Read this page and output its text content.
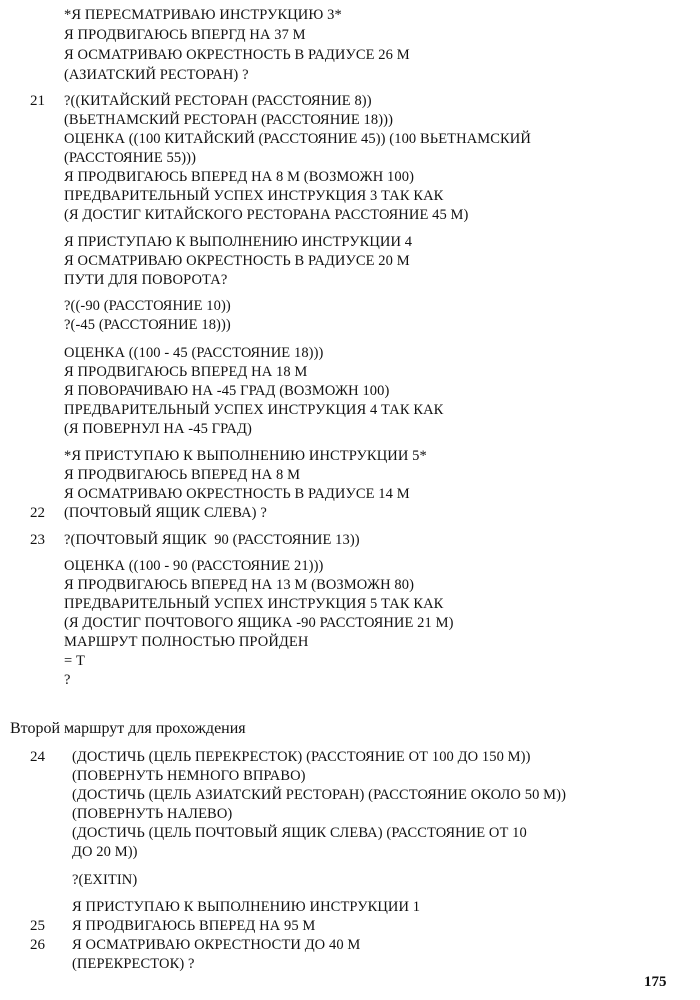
*Я ПЕРЕСМАТРИВАЮ ИНСТРУКЦИЮ 3*
Я ПРОДВИГАЮСЬ ВПЕРГД НА 37 М
Я ОСМАТРИВАЮ ОКРЕСТНОСТЬ В РАДИУСЕ 26 М
(АЗИАТСКИЙ РЕСТОРАН) ?
21 ?((КИТАЙСКИЙ РЕСТОРАН (РАССТОЯНИЕ 8))
(ВЬЕТНАМСКИЙ РЕСТОРАН (РАССТОЯНИЕ 18)))
ОЦЕНКА ((100 КИТАЙСКИЙ (РАССТОЯНИЕ 45)) (100 ВЬЕТНАМСКИЙ
(РАССТОЯНИЕ 55)))
Я ПРОДВИГАЮСЬ ВПЕРЕД НА 8 М (ВОЗМОЖН 100)
ПРЕДВАРИТЕЛЬНЫЙ УСПЕХ ИНСТРУКЦИЯ 3 ТАК КАК
(Я ДОСТИГ КИТАЙСКОГО РЕСТОРАНА РАССТОЯНИЕ 45 М)
Я ПРИСТУПАЮ К ВЫПОЛНЕНИЮ ИНСТРУКЦИИ 4
Я ОСМАТРИВАЮ ОКРЕСТНОСТЬ В РАДИУСЕ 20 М
ПУТИ ДЛЯ ПОВОРОТА?
?((-90 (РАССТОЯНИЕ 10))
?(-45 (РАССТОЯНИЕ 18)))
ОЦЕНКА ((100 - 45 (РАССТОЯНИЕ 18)))
Я ПРОДВИГАЮСЬ ВПЕРЕД НА 18 М
Я ПОВОРАЧИВАЮ НА -45 ГРАД (ВОЗМОЖН 100)
ПРЕДВАРИТЕЛЬНЫЙ УСПЕХ ИНСТРУКЦИЯ 4 ТАК КАК
(Я ПОВЕРНУЛ НА -45 ГРАД)
*Я ПРИСТУПАЮ К ВЫПОЛНЕНИЮ ИНСТРУКЦИИ 5*
Я ПРОДВИГАЮСЬ ВПЕРЕД НА 8 М
Я ОСМАТРИВАЮ ОКРЕСТНОСТЬ В РАДИУСЕ 14 М
22 (ПОЧТОВЫЙ ЯЩИК СЛЕВА) ?
23 ?(ПОЧТОВЫЙ ЯЩИК  90 (РАССТОЯНИЕ 13))
ОЦЕНКА ((100 - 90 (РАССТОЯНИЕ 21)))
Я ПРОДВИГАЮСЬ ВПЕРЕД НА 13 М (ВОЗМОЖН 80)
ПРЕДВАРИТЕЛЬНЫЙ УСПЕХ ИНСТРУКЦИЯ 5 ТАК КАК
(Я ДОСТИГ ПОЧТОВОГО ЯЩИКА -90 РАССТОЯНИЕ 21 М)
МАРШРУТ ПОЛНОСТЬЮ ПРОЙДЕН
= Т
?
Второй маршрут для прохождения
24 (ДОСТИЧЬ (ЦЕЛЬ ПЕРЕКРЕСТОК) (РАССТОЯНИЕ ОТ 100 ДО 150 М))
(ПОВЕРНУТЬ НЕМНОГО ВПРАВО)
(ДОСТИЧЬ (ЦЕЛЬ АЗИАТСКИЙ РЕСТОРАН) (РАССТОЯНИЕ ОКОЛО 50 М))
(ПОВЕРНУТЬ НАЛЕВО)
(ДОСТИЧЬ (ЦЕЛЬ ПОЧТОВЫЙ ЯЩИК СЛЕВА) (РАССТОЯНИЕ ОТ 10
ДО 20 М))
?(EXITIN)
Я ПРИСТУПАЮ К ВЫПОЛНЕНИЮ ИНСТРУКЦИИ 1
25 Я ПРОДВИГАЮСЬ ВПЕРЕД НА 95 М
26 Я ОСМАТРИВАЮ ОКРЕСТНОСТИ ДО 40 М
(ПЕРЕКРЕСТОК) ?
175
